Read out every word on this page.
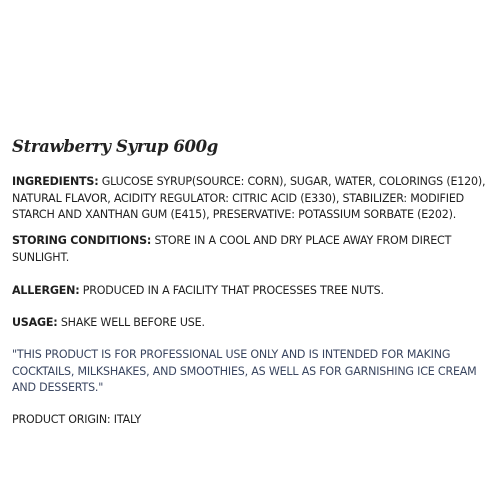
Strawberry Syrup 600g

INGREDIENTS: GLUCOSE SYRUP(SOURCE: CORN), SUGAR, WATER, COLORINGS (E120), NATURAL FLAVOR, ACIDITY REGULATOR: CITRIC ACID (E330), STABILIZER: MODIFIED STARCH AND XANTHAN GUM (E415), PRESERVATIVE: POTASSIUM SORBATE (E202).

STORING CONDITIONS: STORE IN A COOL AND DRY PLACE AWAY FROM DIRECT SUNLIGHT.

ALLERGEN: PRODUCED IN A FACILITY THAT PROCESSES TREE NUTS.

USAGE: SHAKE WELL BEFORE USE.

"THIS PRODUCT IS FOR PROFESSIONAL USE ONLY AND IS INTENDED FOR MAKING COCKTAILS, MILKSHAKES, AND SMOOTHIES, AS WELL AS FOR GARNISHING ICE CREAM AND DESSERTS."

PRODUCT ORIGIN: ITALY
